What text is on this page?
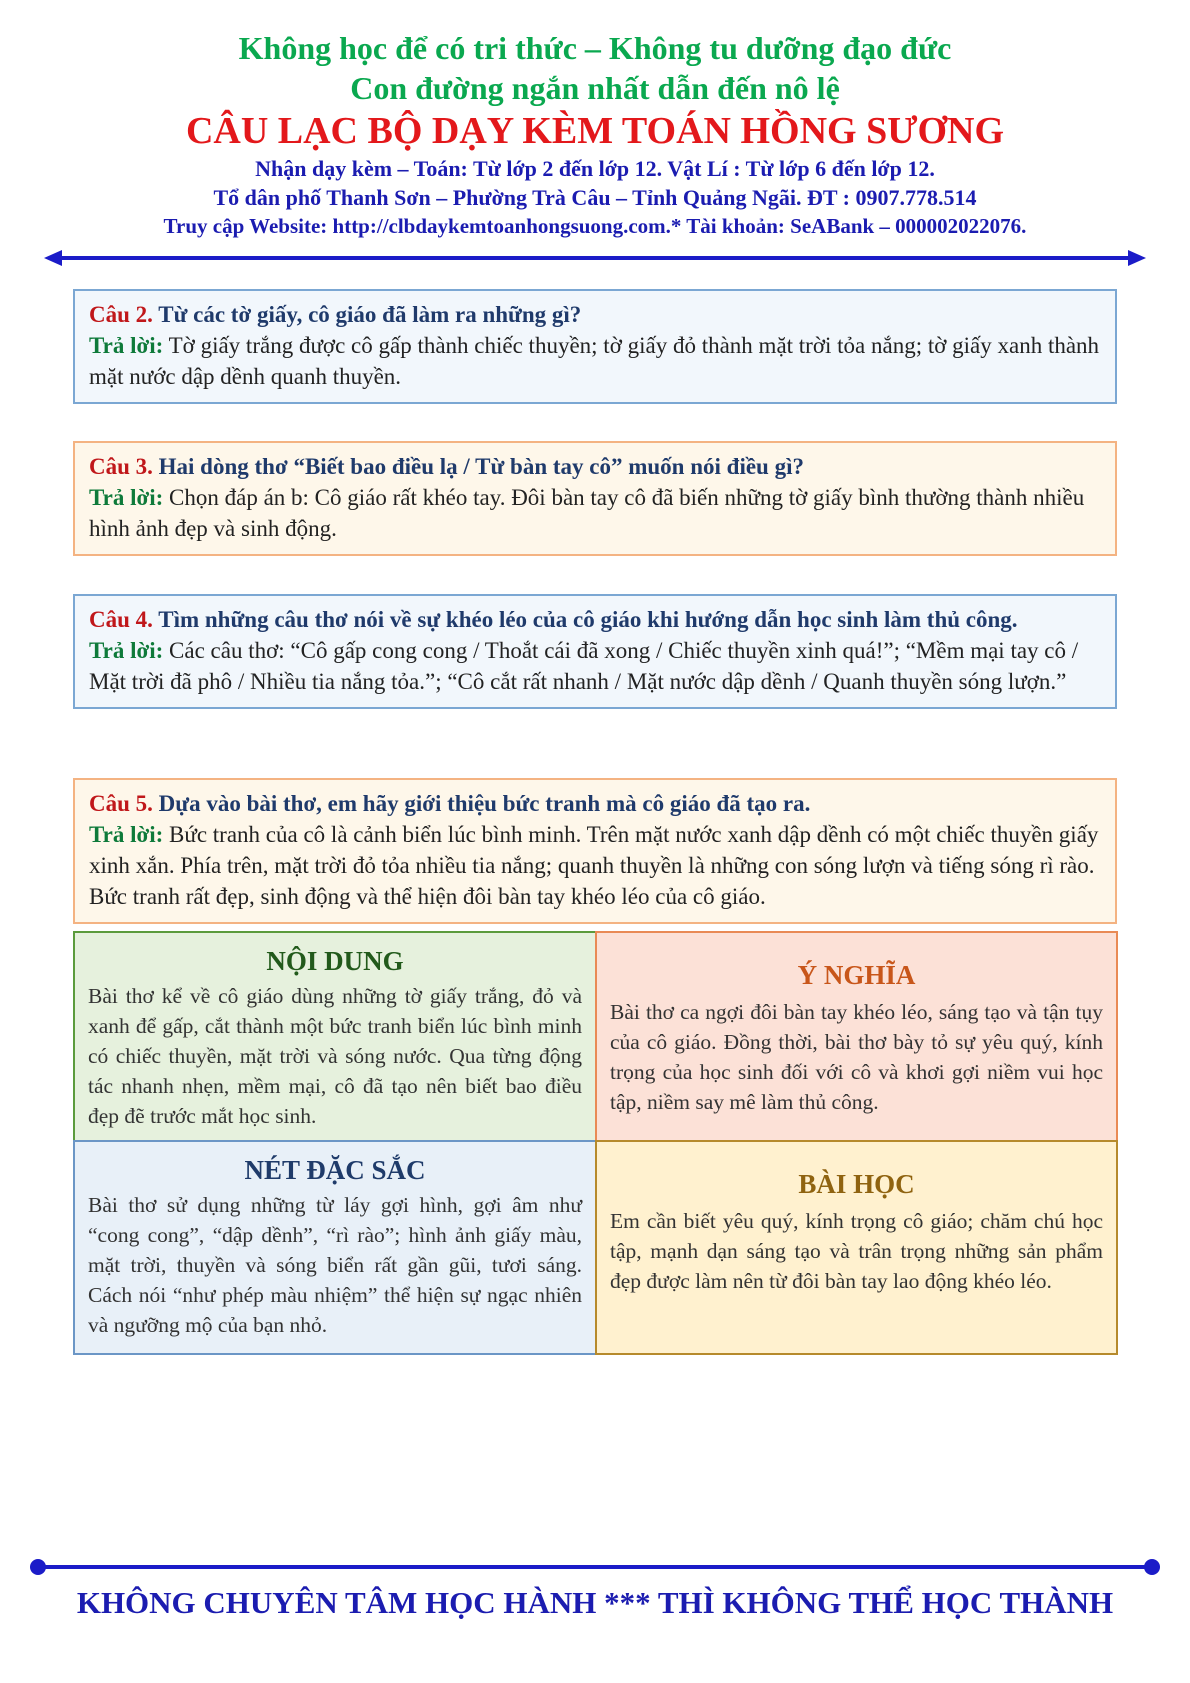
Không học để có tri thức – Không tu dưỡng đạo đức
Con đường ngắn nhất dẫn đến nô lệ
CÂU LẠC BỘ DẠY KÈM TOÁN HỒNG SƯƠNG
Nhận dạy kèm – Toán: Từ lớp 2 đến lớp 12. Vật Lí : Từ lớp 6 đến lớp 12.
Tổ dân phố Thanh Sơn – Phường Trà Câu – Tỉnh Quảng Ngãi. ĐT : 0907.778.514
Truy cập Website: http://clbdaykemtoanhongsuong.com.* Tài khoản: SeABank – 000002022076.
Câu 2. Từ các tờ giấy, cô giáo đã làm ra những gì?
Trả lời: Tờ giấy trắng được cô gấp thành chiếc thuyền; tờ giấy đỏ thành mặt trời tỏa nắng; tờ giấy xanh thành mặt nước dập dềnh quanh thuyền.
Câu 3. Hai dòng thơ “Biết bao điều lạ / Từ bàn tay cô” muốn nói điều gì?
Trả lời: Chọn đáp án b: Cô giáo rất khéo tay. Đôi bàn tay cô đã biến những tờ giấy bình thường thành nhiều hình ảnh đẹp và sinh động.
Câu 4. Tìm những câu thơ nói về sự khéo léo của cô giáo khi hướng dẫn học sinh làm thủ công.
Trả lời: Các câu thơ: “Cô gấp cong cong / Thoắt cái đã xong / Chiếc thuyền xinh quá!”; “Mềm mại tay cô / Mặt trời đã phô / Nhiều tia nắng tỏa.”; “Cô cắt rất nhanh / Mặt nước dập dềnh / Quanh thuyền sóng lượn.”
Câu 5. Dựa vào bài thơ, em hãy giới thiệu bức tranh mà cô giáo đã tạo ra.
Trả lời: Bức tranh của cô là cảnh biển lúc bình minh. Trên mặt nước xanh dập dềnh có một chiếc thuyền giấy xinh xắn. Phía trên, mặt trời đỏ tỏa nhiều tia nắng; quanh thuyền là những con sóng lượn và tiếng sóng rì rào. Bức tranh rất đẹp, sinh động và thể hiện đôi bàn tay khéo léo của cô giáo.
NỘI DUNG
Bài thơ kể về cô giáo dùng những tờ giấy trắng, đỏ và xanh để gấp, cắt thành một bức tranh biển lúc bình minh có chiếc thuyền, mặt trời và sóng nước. Qua từng động tác nhanh nhẹn, mềm mại, cô đã tạo nên biết bao điều đẹp đẽ trước mắt học sinh.
Ý NGHĨA
Bài thơ ca ngợi đôi bàn tay khéo léo, sáng tạo và tận tụy của cô giáo. Đồng thời, bài thơ bày tỏ sự yêu quý, kính trọng của học sinh đối với cô và khơi gợi niềm vui học tập, niềm say mê làm thủ công.
NÉT ĐẶC SẮC
Bài thơ sử dụng những từ láy gợi hình, gợi âm như “cong cong”, “dập dềnh”, “rì rào”; hình ảnh giấy màu, mặt trời, thuyền và sóng biển rất gần gũi, tươi sáng. Cách nói “như phép màu nhiệm” thể hiện sự ngạc nhiên và ngưỡng mộ của bạn nhỏ.
BÀI HỌC
Em cần biết yêu quý, kính trọng cô giáo; chăm chú học tập, mạnh dạn sáng tạo và trân trọng những sản phẩm đẹp được làm nên từ đôi bàn tay lao động khéo léo.
KHÔNG CHUYÊN TÂM HỌC HÀNH *** THÌ KHÔNG THỂ HỌC THÀNH
